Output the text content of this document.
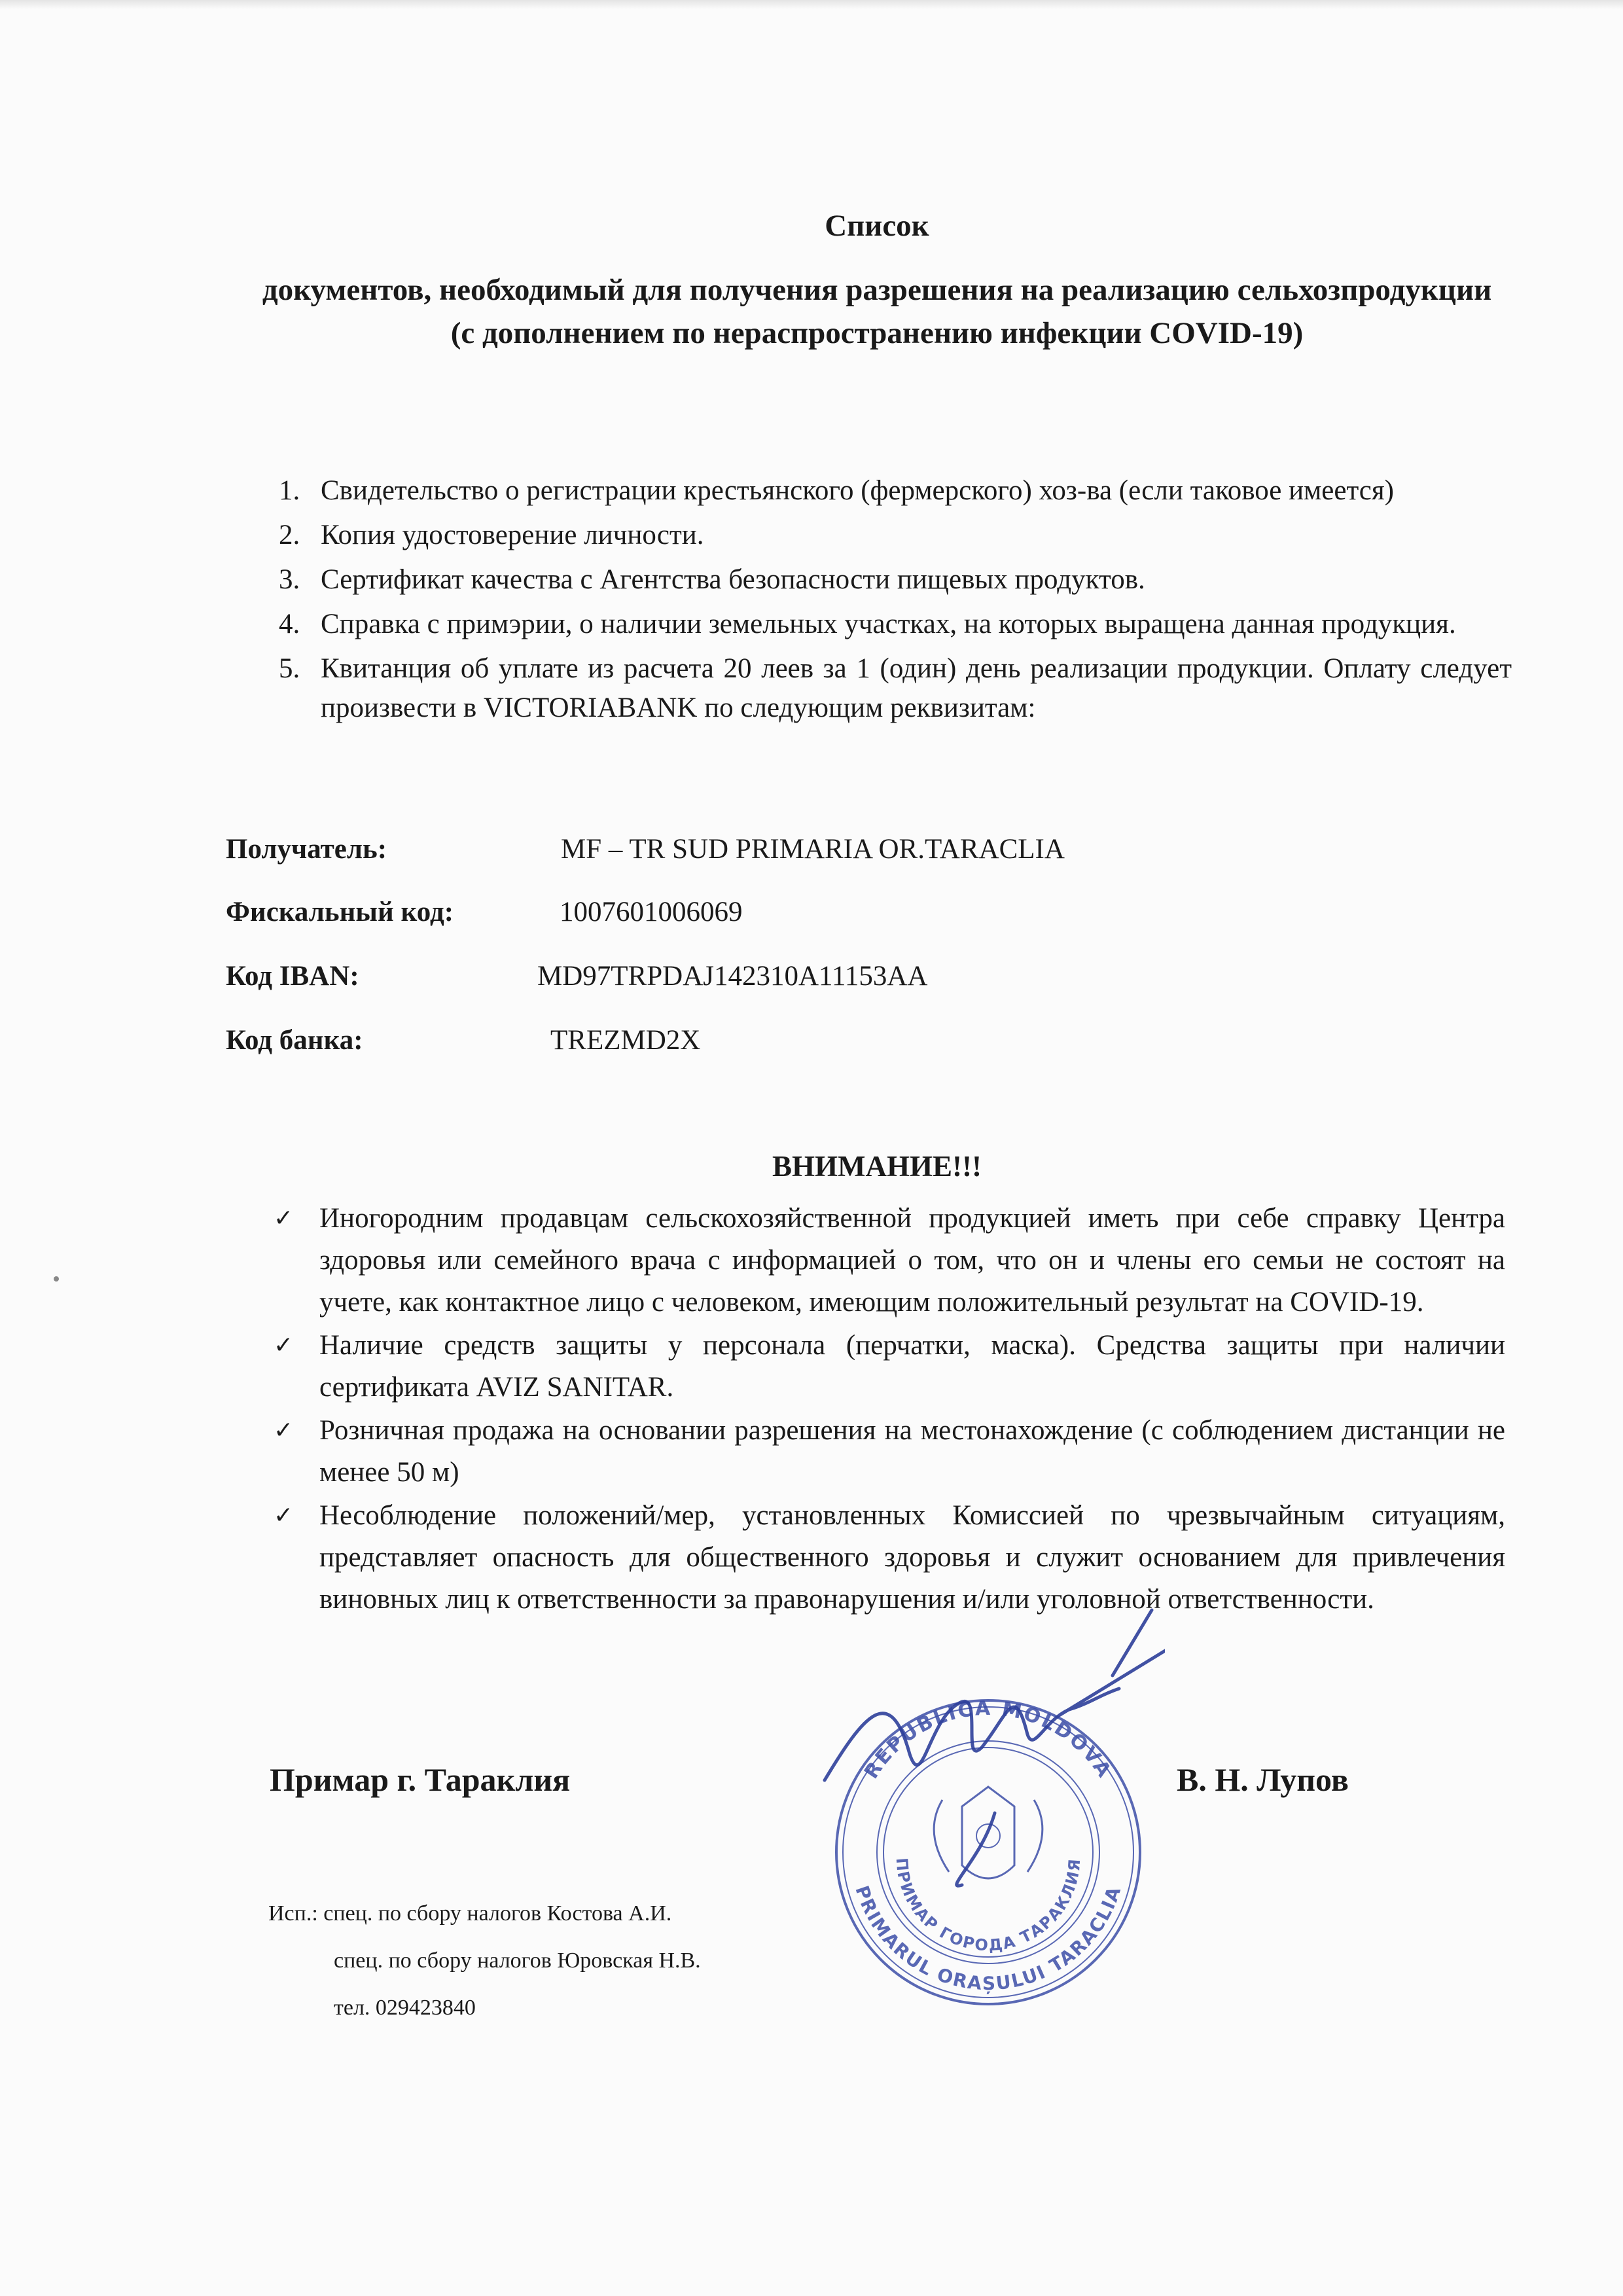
Список
документов, необходимый для получения разрешения на реализацию сельхозпродукции (с дополнением по нераспространению инфекции COVID-19)
1. Свидетельство о регистрации крестьянского (фермерского) хоз-ва (если таковое имеется)
2. Копия удостоверение личности.
3. Сертификат качества с Агентства безопасности пищевых продуктов.
4. Справка с примэрии, о наличии земельных участках, на которых выращена данная продукция.
5. Квитанция об уплате из расчета 20 леев за 1 (один) день реализации продукции. Оплату следует произвести в VICTORIABANK по следующим реквизитам:
Получатель:	MF – TR SUD PRIMARIA OR.TARACLIA
Фискальный код:	1007601006069
Код IBAN:	MD97TRPDAJ142310A11153AA
Код банка:	TREZMD2X
ВНИМАНИЕ!!!
✓ Иногородним продавцам сельскохозяйственной продукцией иметь при себе справку Центра здоровья или семейного врача с информацией о том, что он и члены его семьи не состоят на учете, как контактное лицо с человеком, имеющим положительный результат на COVID-19.
✓ Наличие средств защиты у персонала (перчатки, маска). Средства защиты при наличии сертификата AVIZ SANITAR.
✓ Розничная продажа на основании разрешения на местонахождение (с соблюдением дистанции не менее 50 м)
✓ Несоблюдение положений/мер, установленных Комиссией по чрезвычайным ситуациям, представляет опасность для общественного здоровья и служит основанием для привлечения виновных лиц к ответственности за правонарушения и/или уголовной ответственности.
Примар г. Тараклия	В. Н. Лупов
Исп.: спец. по сбору налогов Костова А.И.
спец. по сбору налогов Юровская Н.В.
тел. 029423840
REPUBLICA MOLDOVA
PRIMARUL ORAȘULUI TARACLIA
ПРИМАР ГОРОДА ТАРАКЛИЯ
